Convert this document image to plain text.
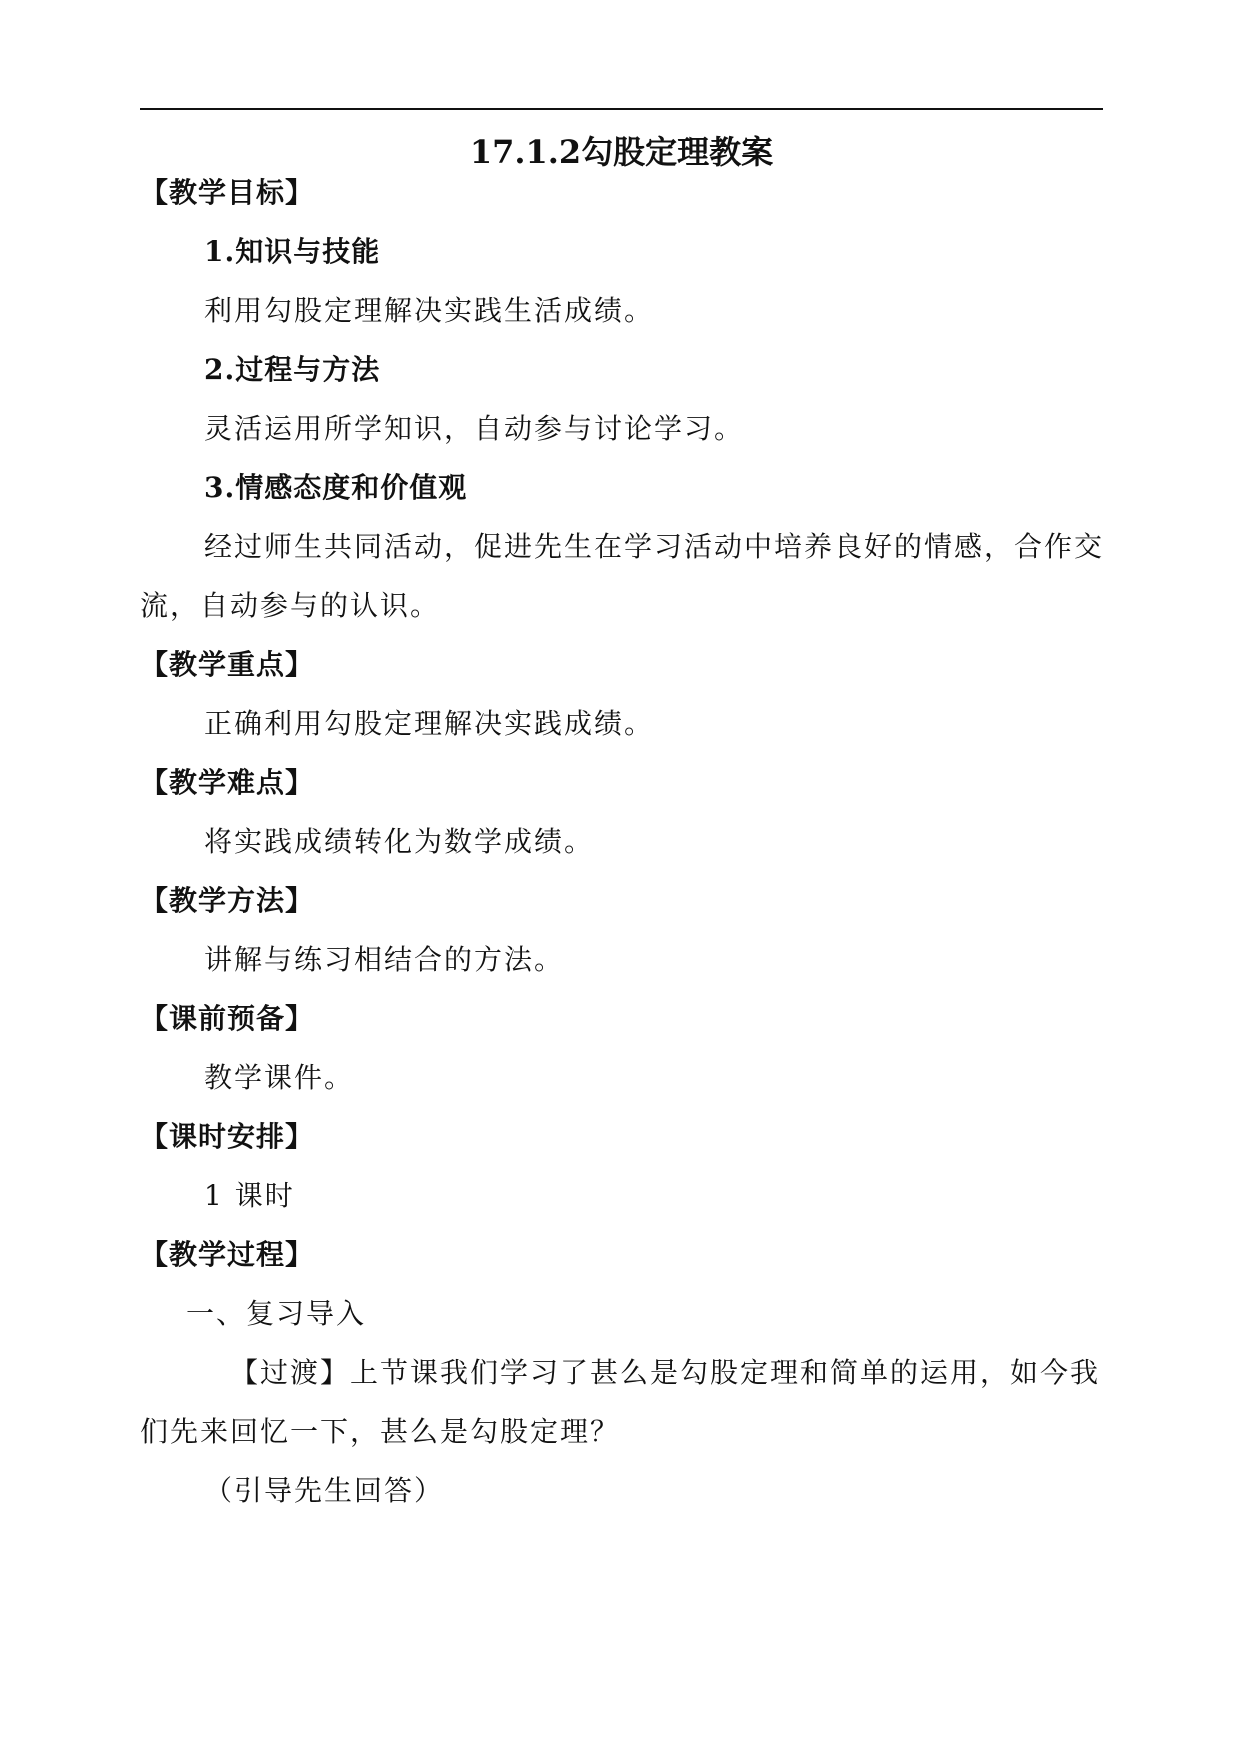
17.1.2勾股定理教案
【教学目标】
1.知识与技能
利用勾股定理解决实践生活成绩。
2.过程与方法
灵活运用所学知识，自动参与讨论学习。
3.情感态度和价值观
经过师生共同活动，促进先生在学习活动中培养良好的情感，合作交
流，自动参与的认识。
【教学重点】
正确利用勾股定理解决实践成绩。
【教学难点】
将实践成绩转化为数学成绩。
【教学方法】
讲解与练习相结合的方法。
【课前预备】
教学课件。
【课时安排】
1 课时
【教学过程】
一、复习导入
【过渡】上节课我们学习了甚么是勾股定理和简单的运用，如今我
们先来回忆一下，甚么是勾股定理？
（引导先生回答）
